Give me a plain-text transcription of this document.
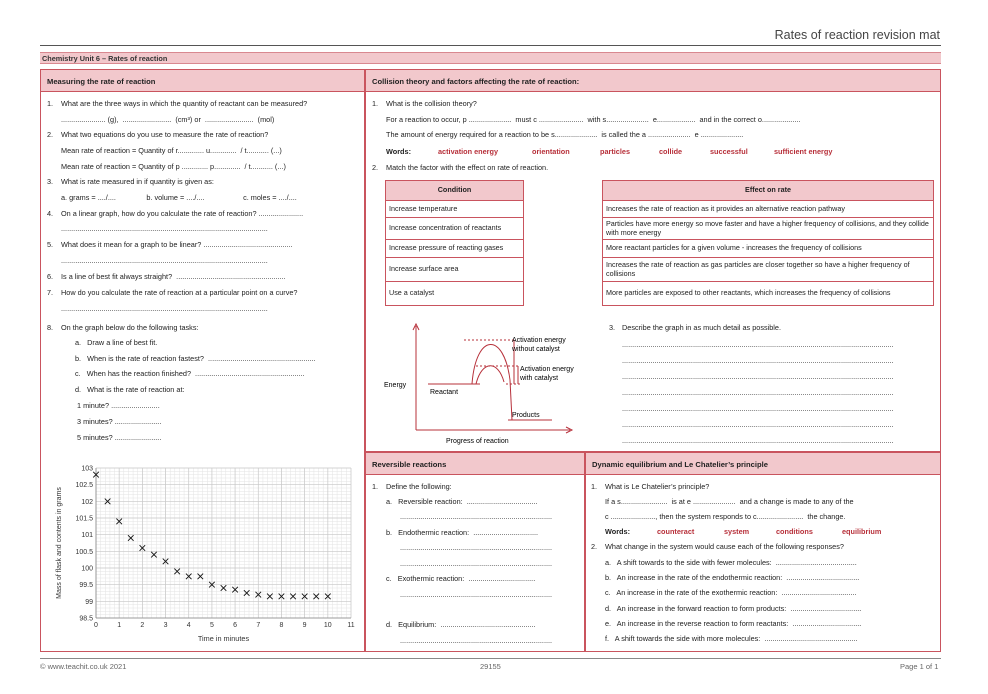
Rates of reaction revision mat
Chemistry Unit 6 – Rates of reaction
Measuring the rate of reaction
1. What are the three ways in which the quantity of reactant can be measured?
...................... (g),  ........................  (cm³) or  ........................  (mol)
2. What two equations do you use to measure the rate of reaction?
Mean rate of reaction = Quantity of r............. u.............  / t........... (...)
Mean rate of reaction = Quantity of p ............. p.............  / t........... (...)
3. What is rate measured in if quantity is given as:
a. grams = ..../....               b. volume = ..../....                   c. moles = ..../....
4. On a linear graph, how do you calculate the rate of reaction? ......................
......................................................................................................
5. What does it mean for a graph to be linear? ............................................
......................................................................................................
6. Is a line of best fit always straight?  ......................................................
7. How do you calculate the rate of reaction at a particular point on a curve?
......................................................................................................
8. On the graph below do the following tasks:
a.   Draw a line of best fit.
b.   When is the rate of reaction fastest?  .....................................................
c.   When has the reaction finished?  ......................................................
d.   What is the rate of reaction at:
1 minute? ........................
3 minutes? .......................
5 minutes? .......................
0	1	2	3	4	5	6	7	8	9 10 11
98.5
99
99.5
100
100.5
101
101.5
102
102.5
103
Time in minutes
Mass of flask and contents in grams
Collision theory and factors affecting the rate of reaction:
1. What is the collision theory?
For a reaction to occur, p .....................  must c ......................  with s.....................  e...................  and in the correct o...................
The amount of energy required for a reaction to be s.....................  is called the a .....................  e .....................
Words:	activation energy	orientation	particles	collide	successful	sufficient energy
2. Match the factor with the effect on rate of reaction.
Condition
Increase temperature
Increase concentration of reactants
Increase pressure of reacting gases
Increase surface area
Use a catalyst
Effect on rate
Increases the rate of reaction as it provides an alternative reaction pathway
Particles have more energy so move faster and have a higher frequency of collisions, and they collide with more energy
More reactant particles for a given volume - increases the frequency of collisions
Increases the rate of reaction as gas particles are closer together so have a higher frequency of collisions
More particles are exposed to other reactants, which increases the frequency of collisions
Energy
Reactant
Products
Progress of reaction
Activation energy
without catalyst
Activation energy
with catalyst
3. Describe the graph in as much detail as possible.
......................................................................................................................................
......................................................................................................................................
......................................................................................................................................
......................................................................................................................................
......................................................................................................................................
......................................................................................................................................
......................................................................................................................................
Reversible reactions
1. Define the following:
a.   Reversible reaction:  ...................................
...........................................................................
b.   Endothermic reaction:  ................................
...........................................................................
...........................................................................
c.   Exothermic reaction:  .................................
...........................................................................
d.   Equilibrium:  ...............................................
...........................................................................
Dynamic equilibrium and Le Chatelier’s principle
1. What is Le Chatelier’s principle?
If a s.......................  is at e .....................  and a change is made to any of the
c ......................, then the system responds to c.......................  the change.
Words:	counteract	system	conditions	equilibrium
2. What change in the system would cause each of the following responses?
a.   A shift towards to the side with fewer molecules:  ........................................
b.   An increase in the rate of the endothermic reaction:  ....................................
c.   An increase in the rate of the exothermic reaction:  .....................................
d.   An increase in the forward reaction to form products:  ...................................
e.   An increase in the reverse reaction to form reactants:  ..................................
f.   A shift towards the side with more molecules:  ..............................................
© www.teachit.co.uk 2021	29155	Page 1 of 1
